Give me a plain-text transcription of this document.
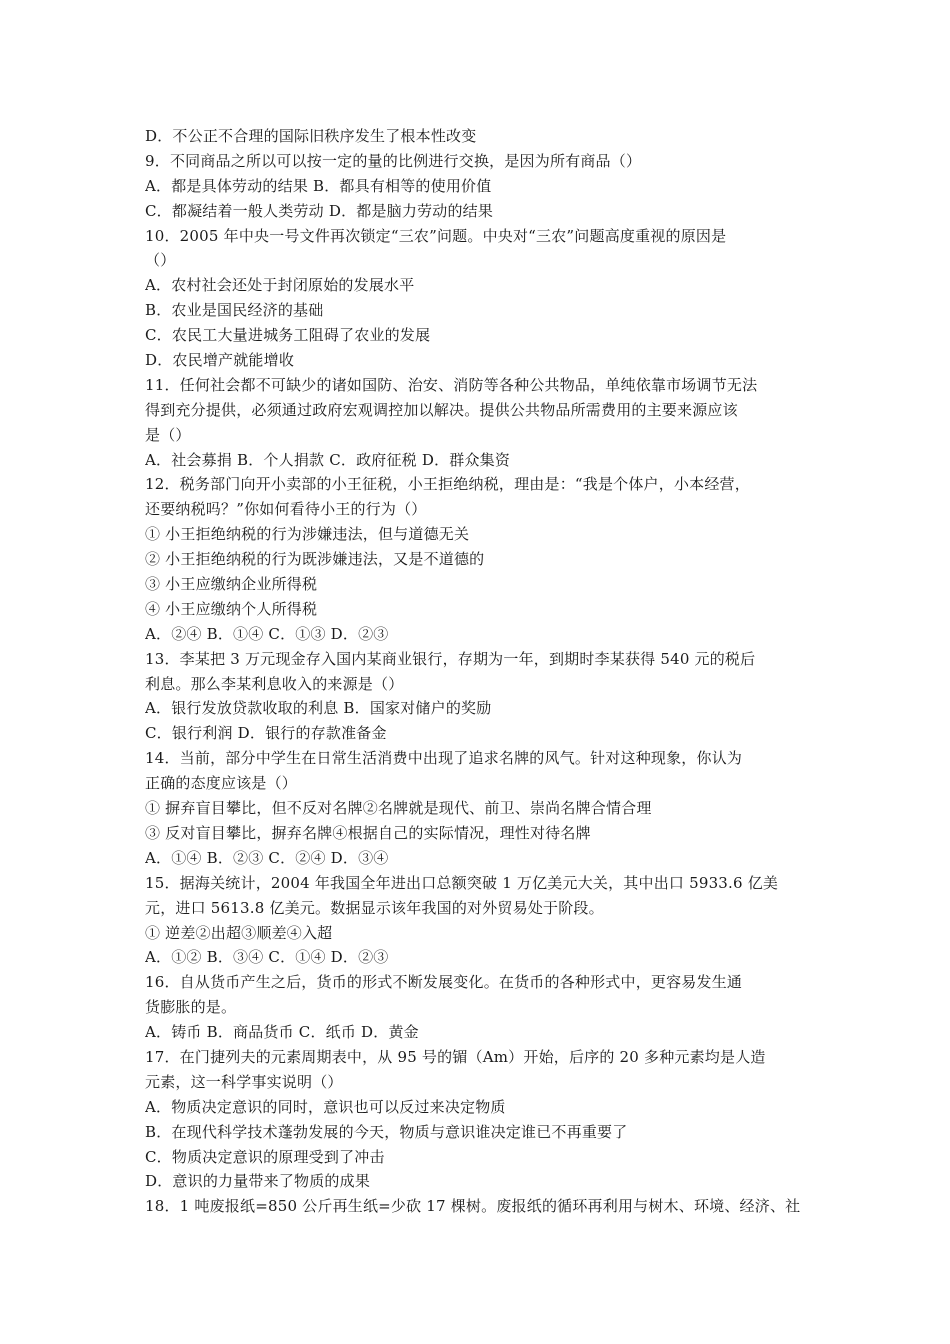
D．不公正不合理的国际旧秩序发生了根本性改变
9．不同商品之所以可以按一定的量的比例进行交换，是因为所有商品（）
A．都是具体劳动的结果 B．都具有相等的使用价值
C．都凝结着一般人类劳动 D．都是脑力劳动的结果
10．2005 年中央一号文件再次锁定“三农”问题。中央对“三农”问题高度重视的原因是
（）
A．农村社会还处于封闭原始的发展水平
B．农业是国民经济的基础
C．农民工大量进城务工阻碍了农业的发展
D．农民增产就能增收
11．任何社会都不可缺少的诸如国防、治安、消防等各种公共物品，单纯依靠市场调节无法
得到充分提供，必须通过政府宏观调控加以解决。提供公共物品所需费用的主要来源应该
是（）
A．社会募捐 B．个人捐款 C．政府征税 D．群众集资
12．税务部门向开小卖部的小王征税，小王拒绝纳税，理由是：“我是个体户，小本经营，
还要纳税吗？”你如何看待小王的行为（）
① 小王拒绝纳税的行为涉嫌违法，但与道德无关
② 小王拒绝纳税的行为既涉嫌违法，又是不道德的
③ 小王应缴纳企业所得税
④ 小王应缴纳个人所得税
A．②④ B．①④ C．①③ D．②③
13．李某把 3 万元现金存入国内某商业银行，存期为一年，到期时李某获得 540 元的税后
利息。那么李某利息收入的来源是（）
A．银行发放贷款收取的利息 B．国家对储户的奖励
C．银行利润 D．银行的存款准备金
14．当前，部分中学生在日常生活消费中出现了追求名牌的风气。针对这种现象，你认为
正确的态度应该是（）
① 摒弃盲目攀比，但不反对名牌②名牌就是现代、前卫、崇尚名牌合情合理
③ 反对盲目攀比，摒弃名牌④根据自己的实际情况，理性对待名牌
A．①④ B．②③ C．②④ D．③④
15．据海关统计，2004 年我国全年进出口总额突破 1 万亿美元大关，其中出口 5933.6 亿美
元，进口 5613.8 亿美元。数据显示该年我国的对外贸易处于阶段。
① 逆差②出超③顺差④入超
A．①② B．③④ C．①④ D．②③
16．自从货币产生之后，货币的形式不断发展变化。在货币的各种形式中，更容易发生通
货膨胀的是。
A．铸币 B．商品货币 C．纸币 D．黄金
17．在门捷列夫的元素周期表中，从 95 号的镅（Am）开始，后序的 20 多种元素均是人造
元素，这一科学事实说明（）
A．物质决定意识的同时，意识也可以反过来决定物质
B．在现代科学技术蓬勃发展的今天，物质与意识谁决定谁已不再重要了
C．物质决定意识的原理受到了冲击
D．意识的力量带来了物质的成果
18．1 吨废报纸=850 公斤再生纸=少砍 17 棵树。废报纸的循环再利用与树木、环境、经济、社
